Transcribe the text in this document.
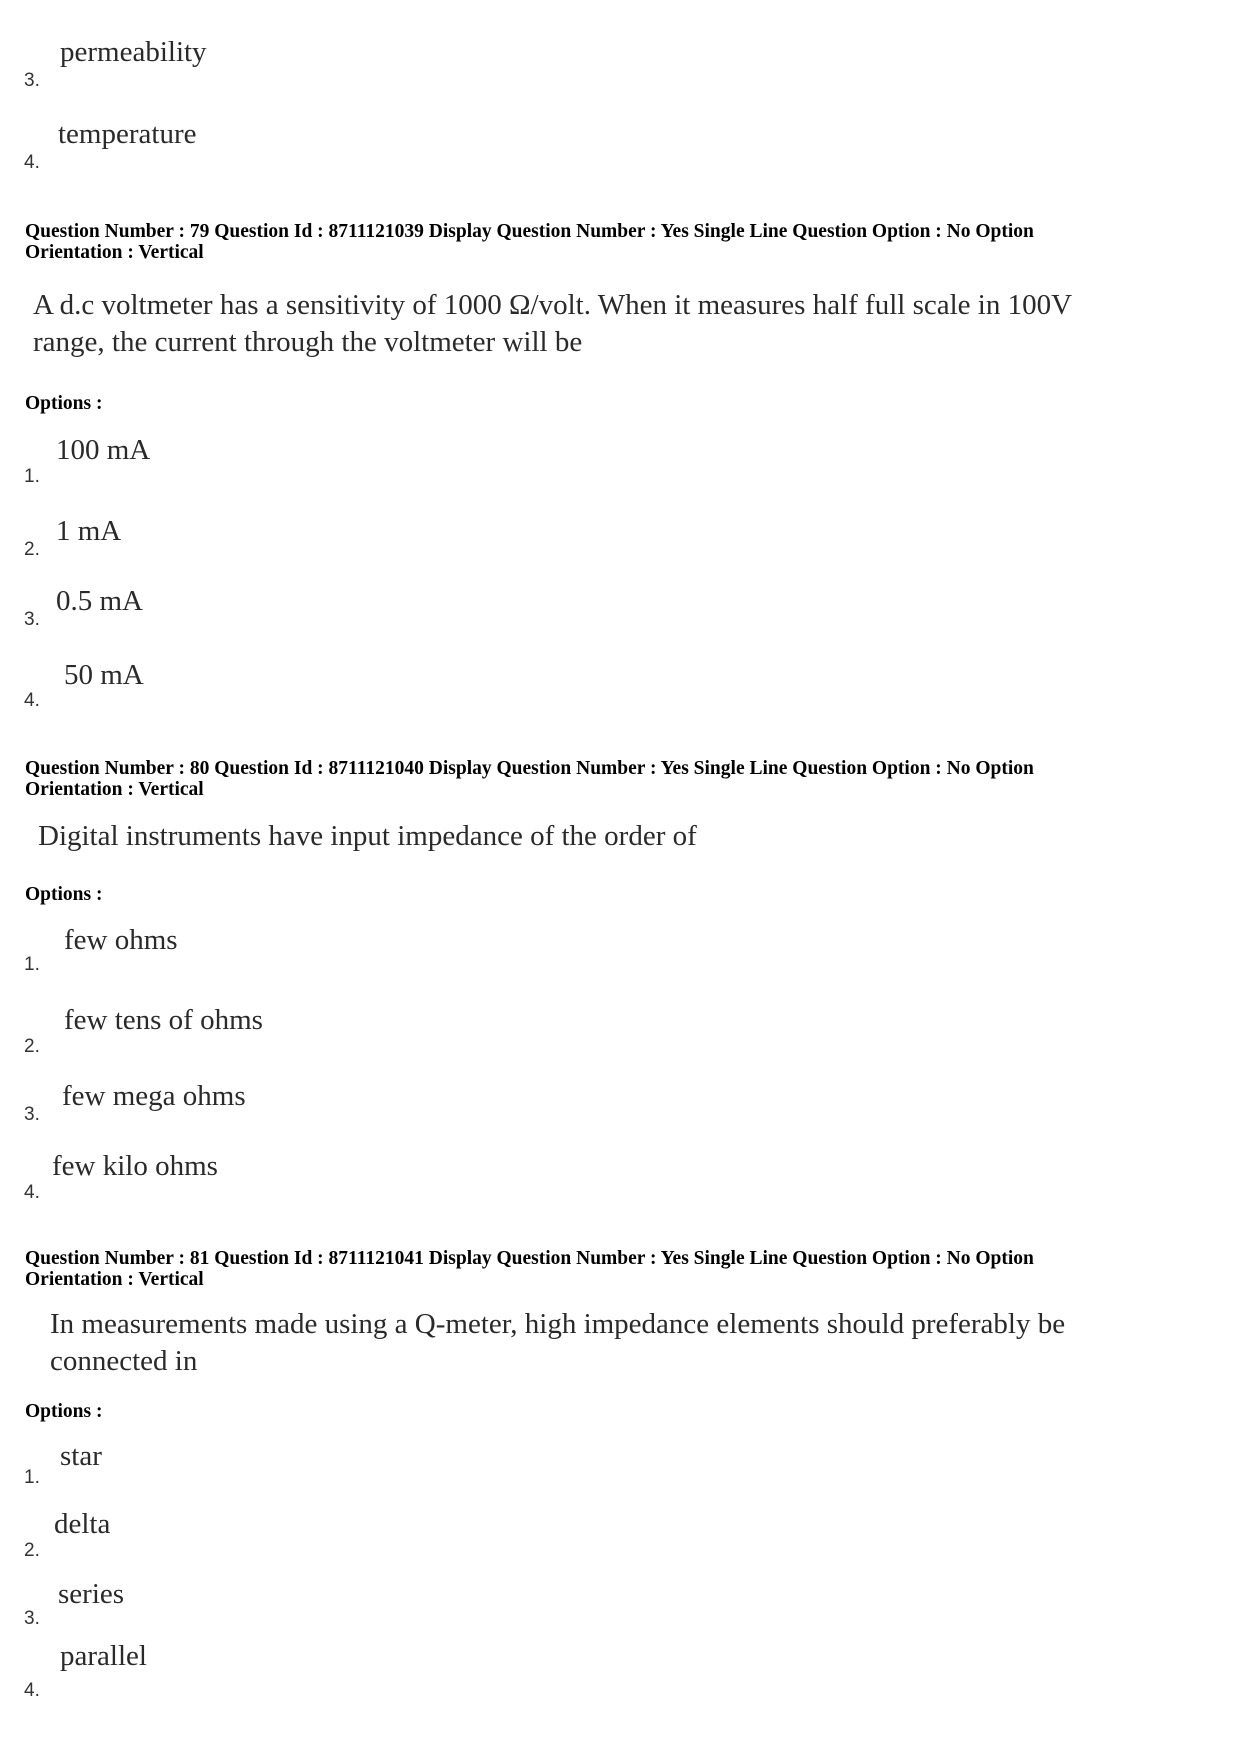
permeability
3.
temperature
4.
Question Number : 79 Question Id : 8711121039 Display Question Number : Yes Single Line Question Option : No Option
Orientation : Vertical
A d.c voltmeter has a sensitivity of 1000 Ω/volt. When it measures half full scale in 100V
range, the current through the voltmeter will be
Options :
100 mA
1.
1 mA
2.
0.5 mA
3.
50 mA
4.
Question Number : 80 Question Id : 8711121040 Display Question Number : Yes Single Line Question Option : No Option
Orientation : Vertical
Digital instruments have input impedance of the order of
Options :
few ohms
1.
few tens of ohms
2.
few mega ohms
3.
few kilo ohms
4.
Question Number : 81 Question Id : 8711121041 Display Question Number : Yes Single Line Question Option : No Option
Orientation : Vertical
In measurements made using a Q-meter, high impedance elements should preferably be
connected in
Options :
star
1.
delta
2.
series
3.
parallel
4.
